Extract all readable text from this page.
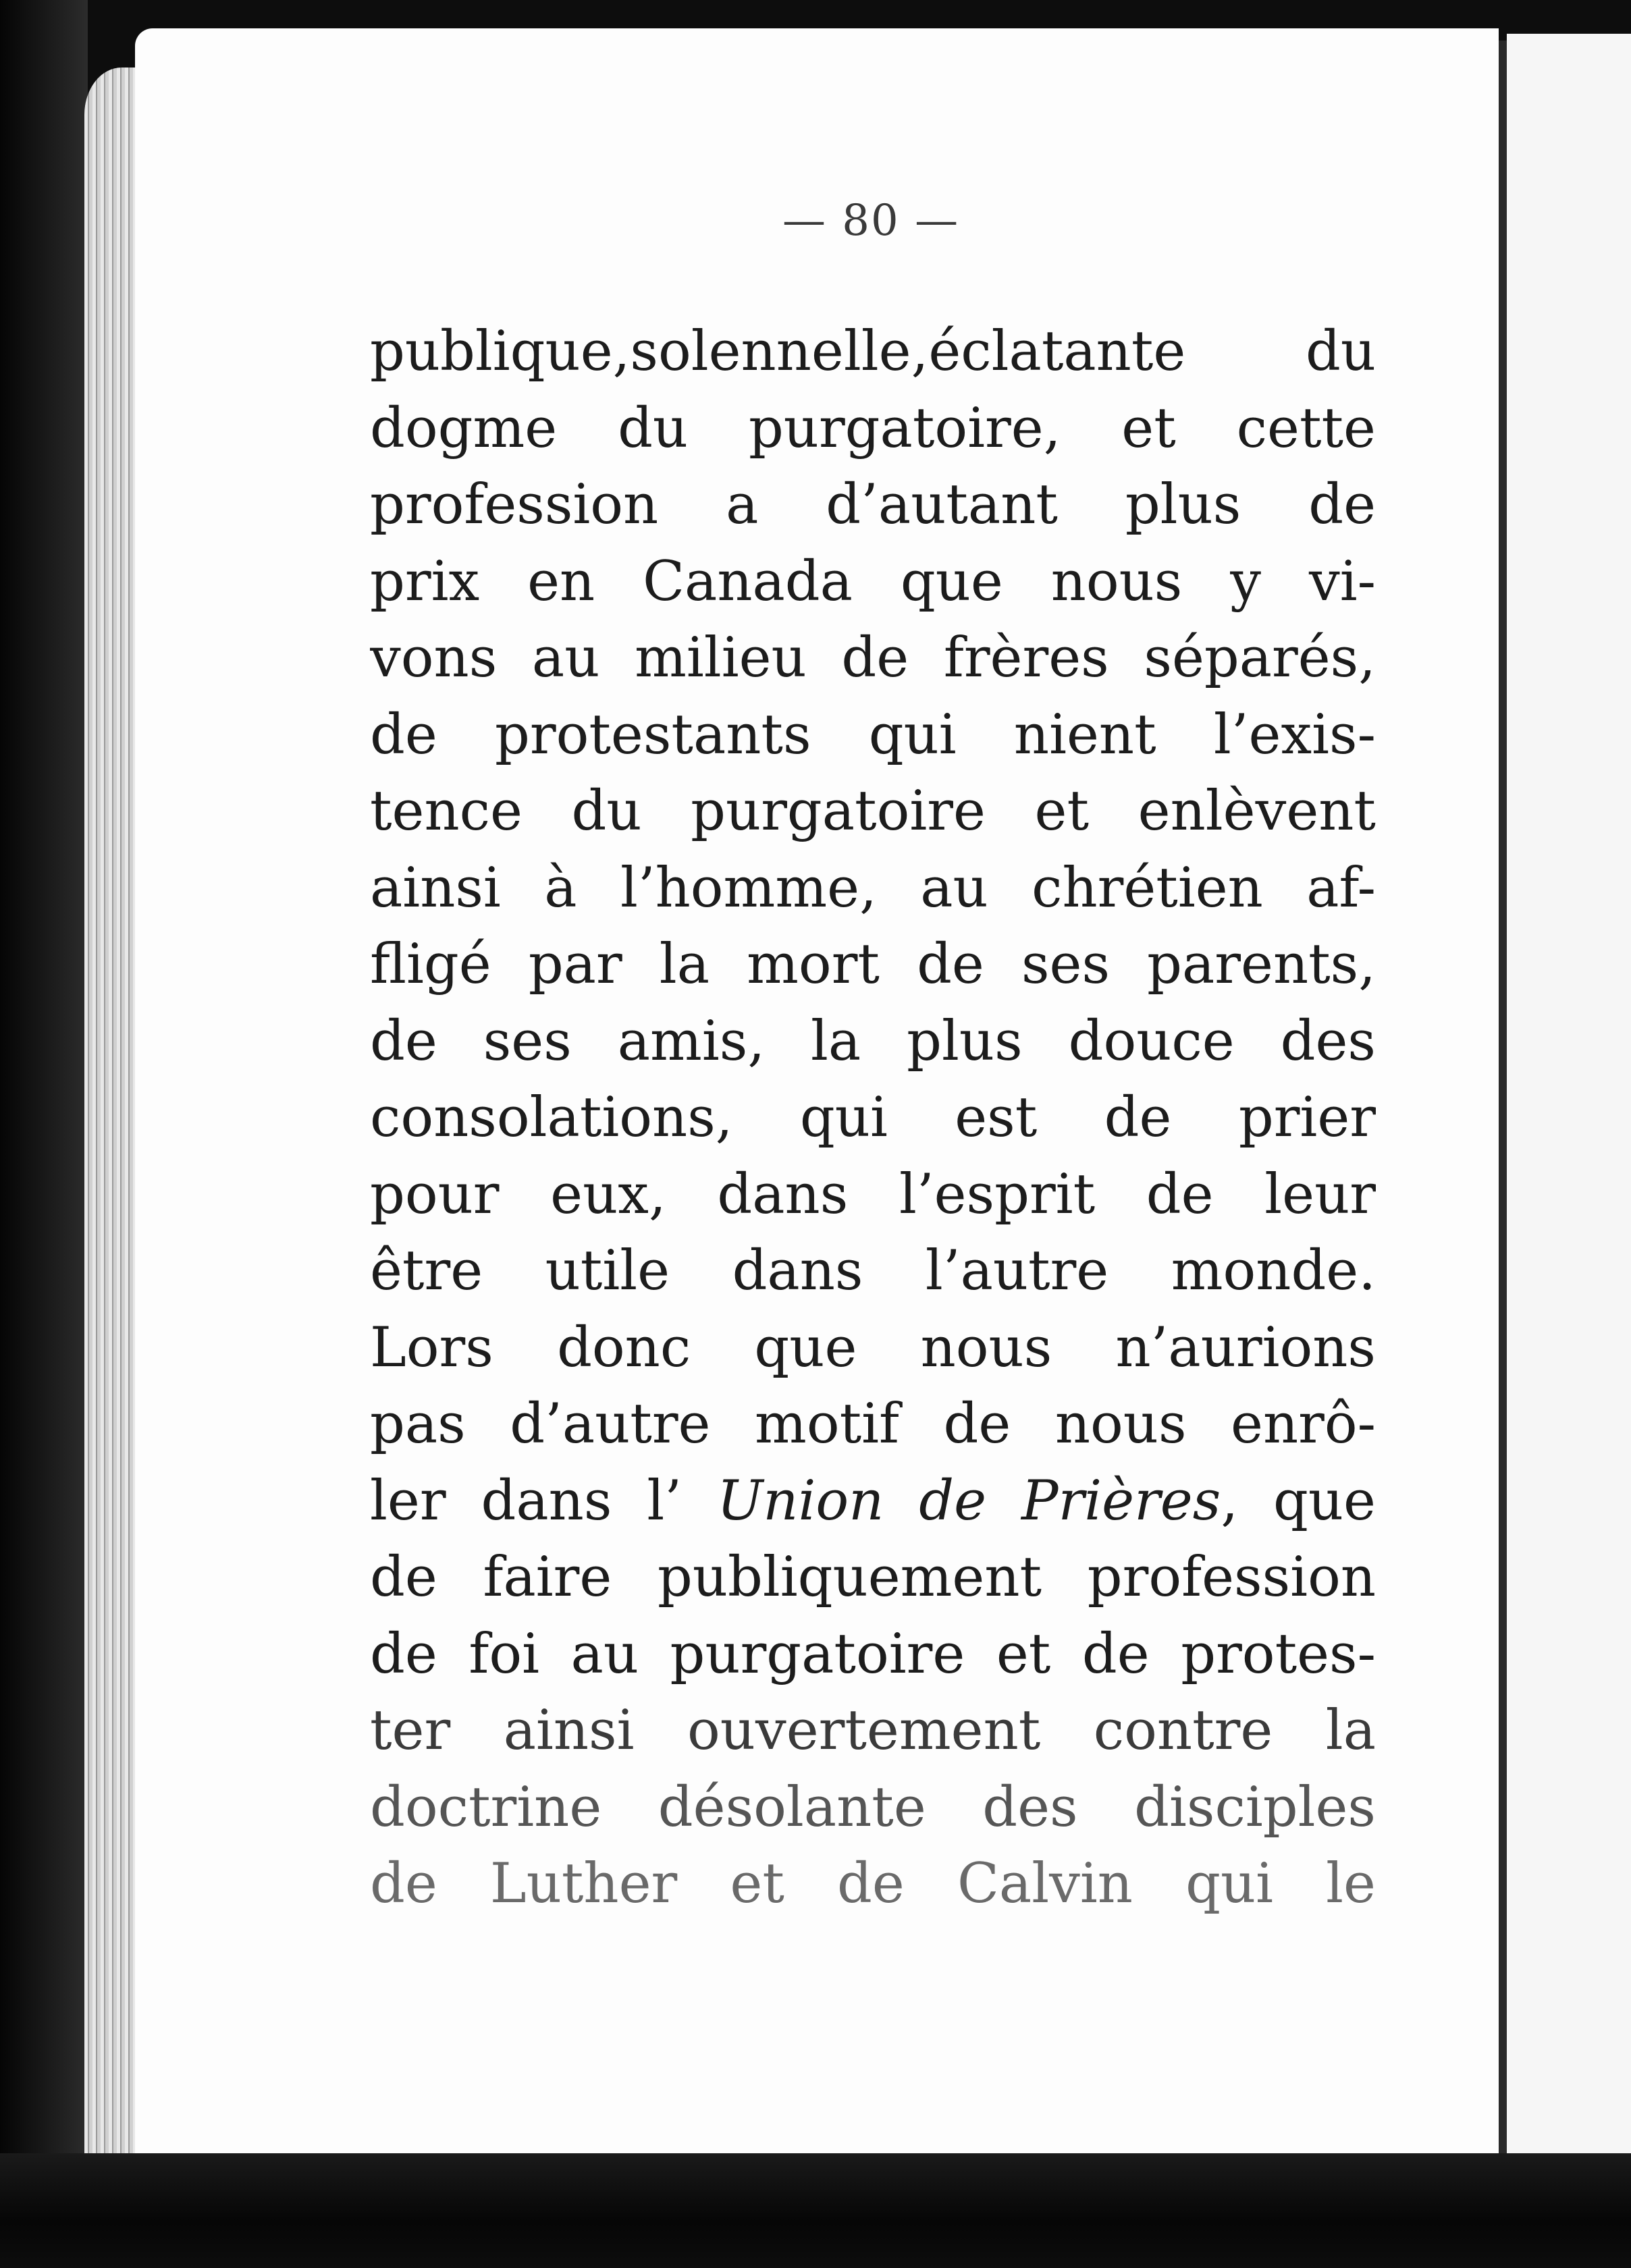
— 80 —
publique,solennelle,éclatante du
dogme du purgatoire, et cette
profession a d’autant plus de
prix en Canada que nous y vi-
vons au milieu de frères séparés,
de protestants qui nient l’exis-
tence du purgatoire et enlèvent
ainsi à l’homme, au chrétien af-
fligé par la mort de ses parents,
de ses amis, la plus douce des
consolations, qui est de prier
pour eux, dans l’esprit de leur
être utile dans l’autre monde.
Lors donc que nous n’aurions
pas d’autre motif de nous enrô-
ler dans l’ Union de Prières, que
de faire publiquement profession
de foi au purgatoire et de protes-
ter ainsi ouvertement contre la
doctrine désolante des disciples
de Luther et de Calvin qui le
